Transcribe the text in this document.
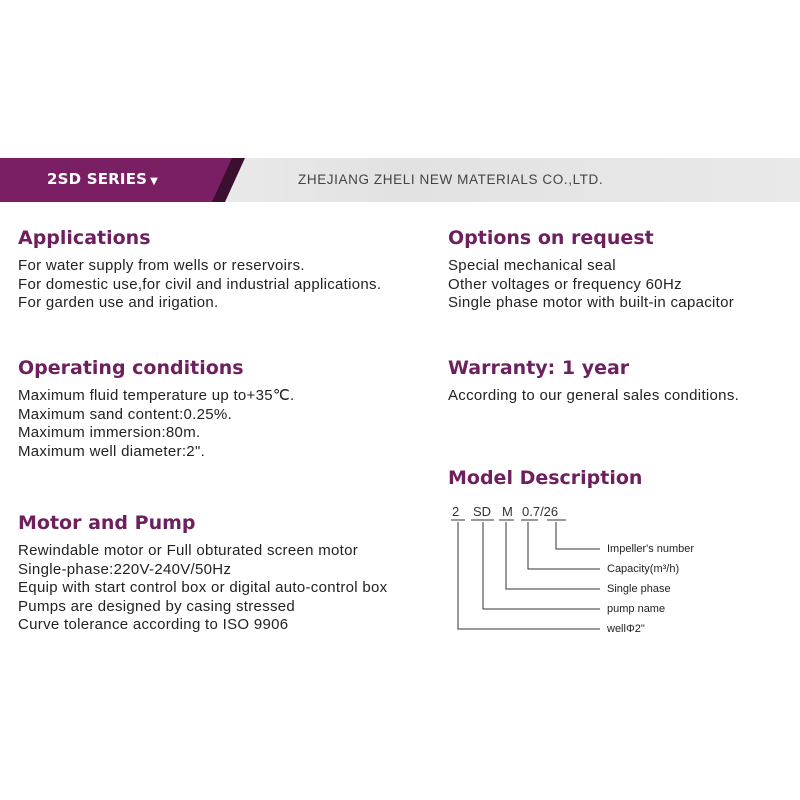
2SD SERIES ▼	ZHEJIANG ZHELI NEW MATERIALS CO.,LTD.
Applications
For water supply from wells or reservoirs.
For domestic use,for civil and industrial applications.
For garden use and irigation.
Operating conditions
Maximum fluid temperature up to+35℃.
Maximum sand content:0.25%.
Maximum immersion:80m.
Maximum well diameter:2".
Motor and Pump
Rewindable motor or Full obturated screen motor
Single-phase:220V-240V/50Hz
Equip with start control box or digital auto-control box
Pumps are designed by casing stressed
Curve tolerance according to ISO 9906
Options on request
Special mechanical seal
Other voltages or frequency 60Hz
Single phase motor with built-in capacitor
Warranty: 1 year
According to our general sales conditions.
Model Description
2 SD M 0.7/26
Impeller's number
Capacity(m³/h)
Single phase
pump name
wellΦ2"
